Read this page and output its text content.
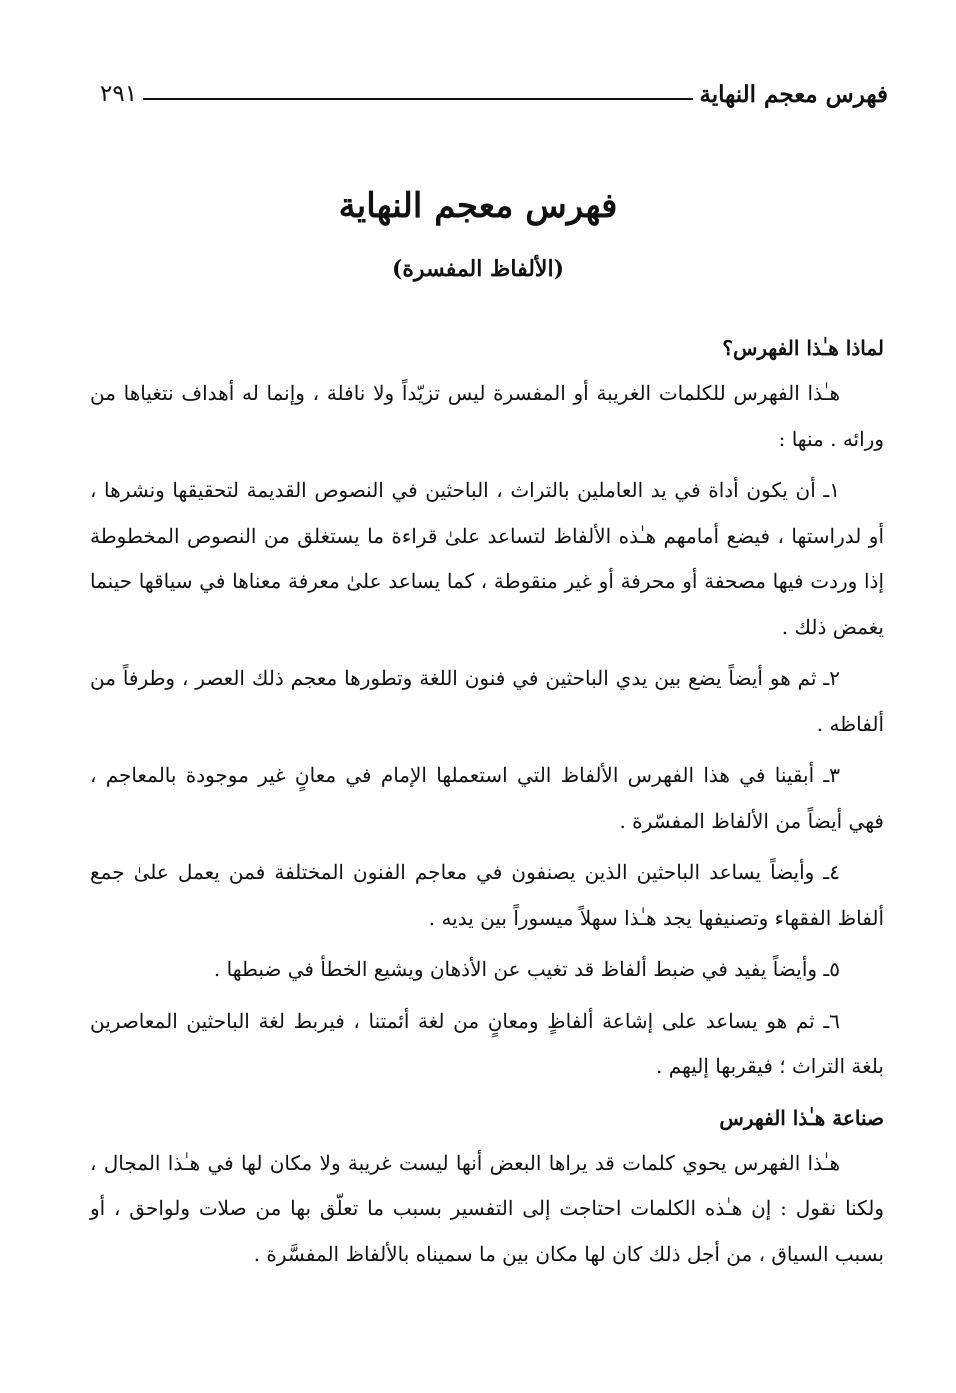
فهرس معجم النهاية
٢٩١
فهرس معجم النهاية
(الألفاظ المفسرة)
لماذا هـٰذا الفهرس؟

هـٰذا الفهرس للكلمات الغريبة أو المفسرة ليس تزيّداً ولا نافلة ، وإنما له أهداف نتغياها من ورائه . منها :

١ـ أن يكون أداة في يد العاملين بالتراث ، الباحثين في النصوص القديمة لتحقيقها ونشرها ، أو لدراستها ، فيضع أمامهم هـٰذه الألفاظ لتساعد علىٰ قراءة ما يستغلق من النصوص المخطوطة إذا وردت فيها مصحفة أو محرفة أو غير منقوطة ، كما يساعد علىٰ معرفة معناها في سياقها حينما يغمض ذلك .

٢ـ ثم هو أيضاً يضع بين يدي الباحثين في فنون اللغة وتطورها معجم ذلك العصر ، وطرفاً من ألفاظه .

٣ـ أبقينا في هذا الفهرس الألفاظ التي استعملها الإمام في معانٍ غير موجودة بالمعاجم ، فهي أيضاً من الألفاظ المفسّرة .

٤ـ وأيضاً يساعد الباحثين الذين يصنفون في معاجم الفنون المختلفة فمن يعمل علىٰ جمع ألفاظ الفقهاء وتصنيفها يجد هـٰذا سهلاً ميسوراً بين يديه .

٥ـ وأيضاً يفيد في ضبط ألفاظ قد تغيب عن الأذهان ويشيع الخطأ في ضبطها .

٦ـ ثم هو يساعد على إشاعة ألفاظٍ ومعانٍ من لغة أئمتنا ، فيربط لغة الباحثين المعاصرين بلغة التراث ؛ فيقربها إليهم .

صناعة هـٰذا الفهرس

هـٰذا الفهرس يحوي كلمات قد يراها البعض أنها ليست غريبة ولا مكان لها في هـٰذا المجال ، ولكنا نقول : إن هـٰذه الكلمات احتاجت إلى التفسير بسبب ما تعلّق بها من صلات ولواحق ، أو بسبب السياق ، من أجل ذلك كان لها مكان بين ما سميناه بالألفاظ المفسَّرة .
